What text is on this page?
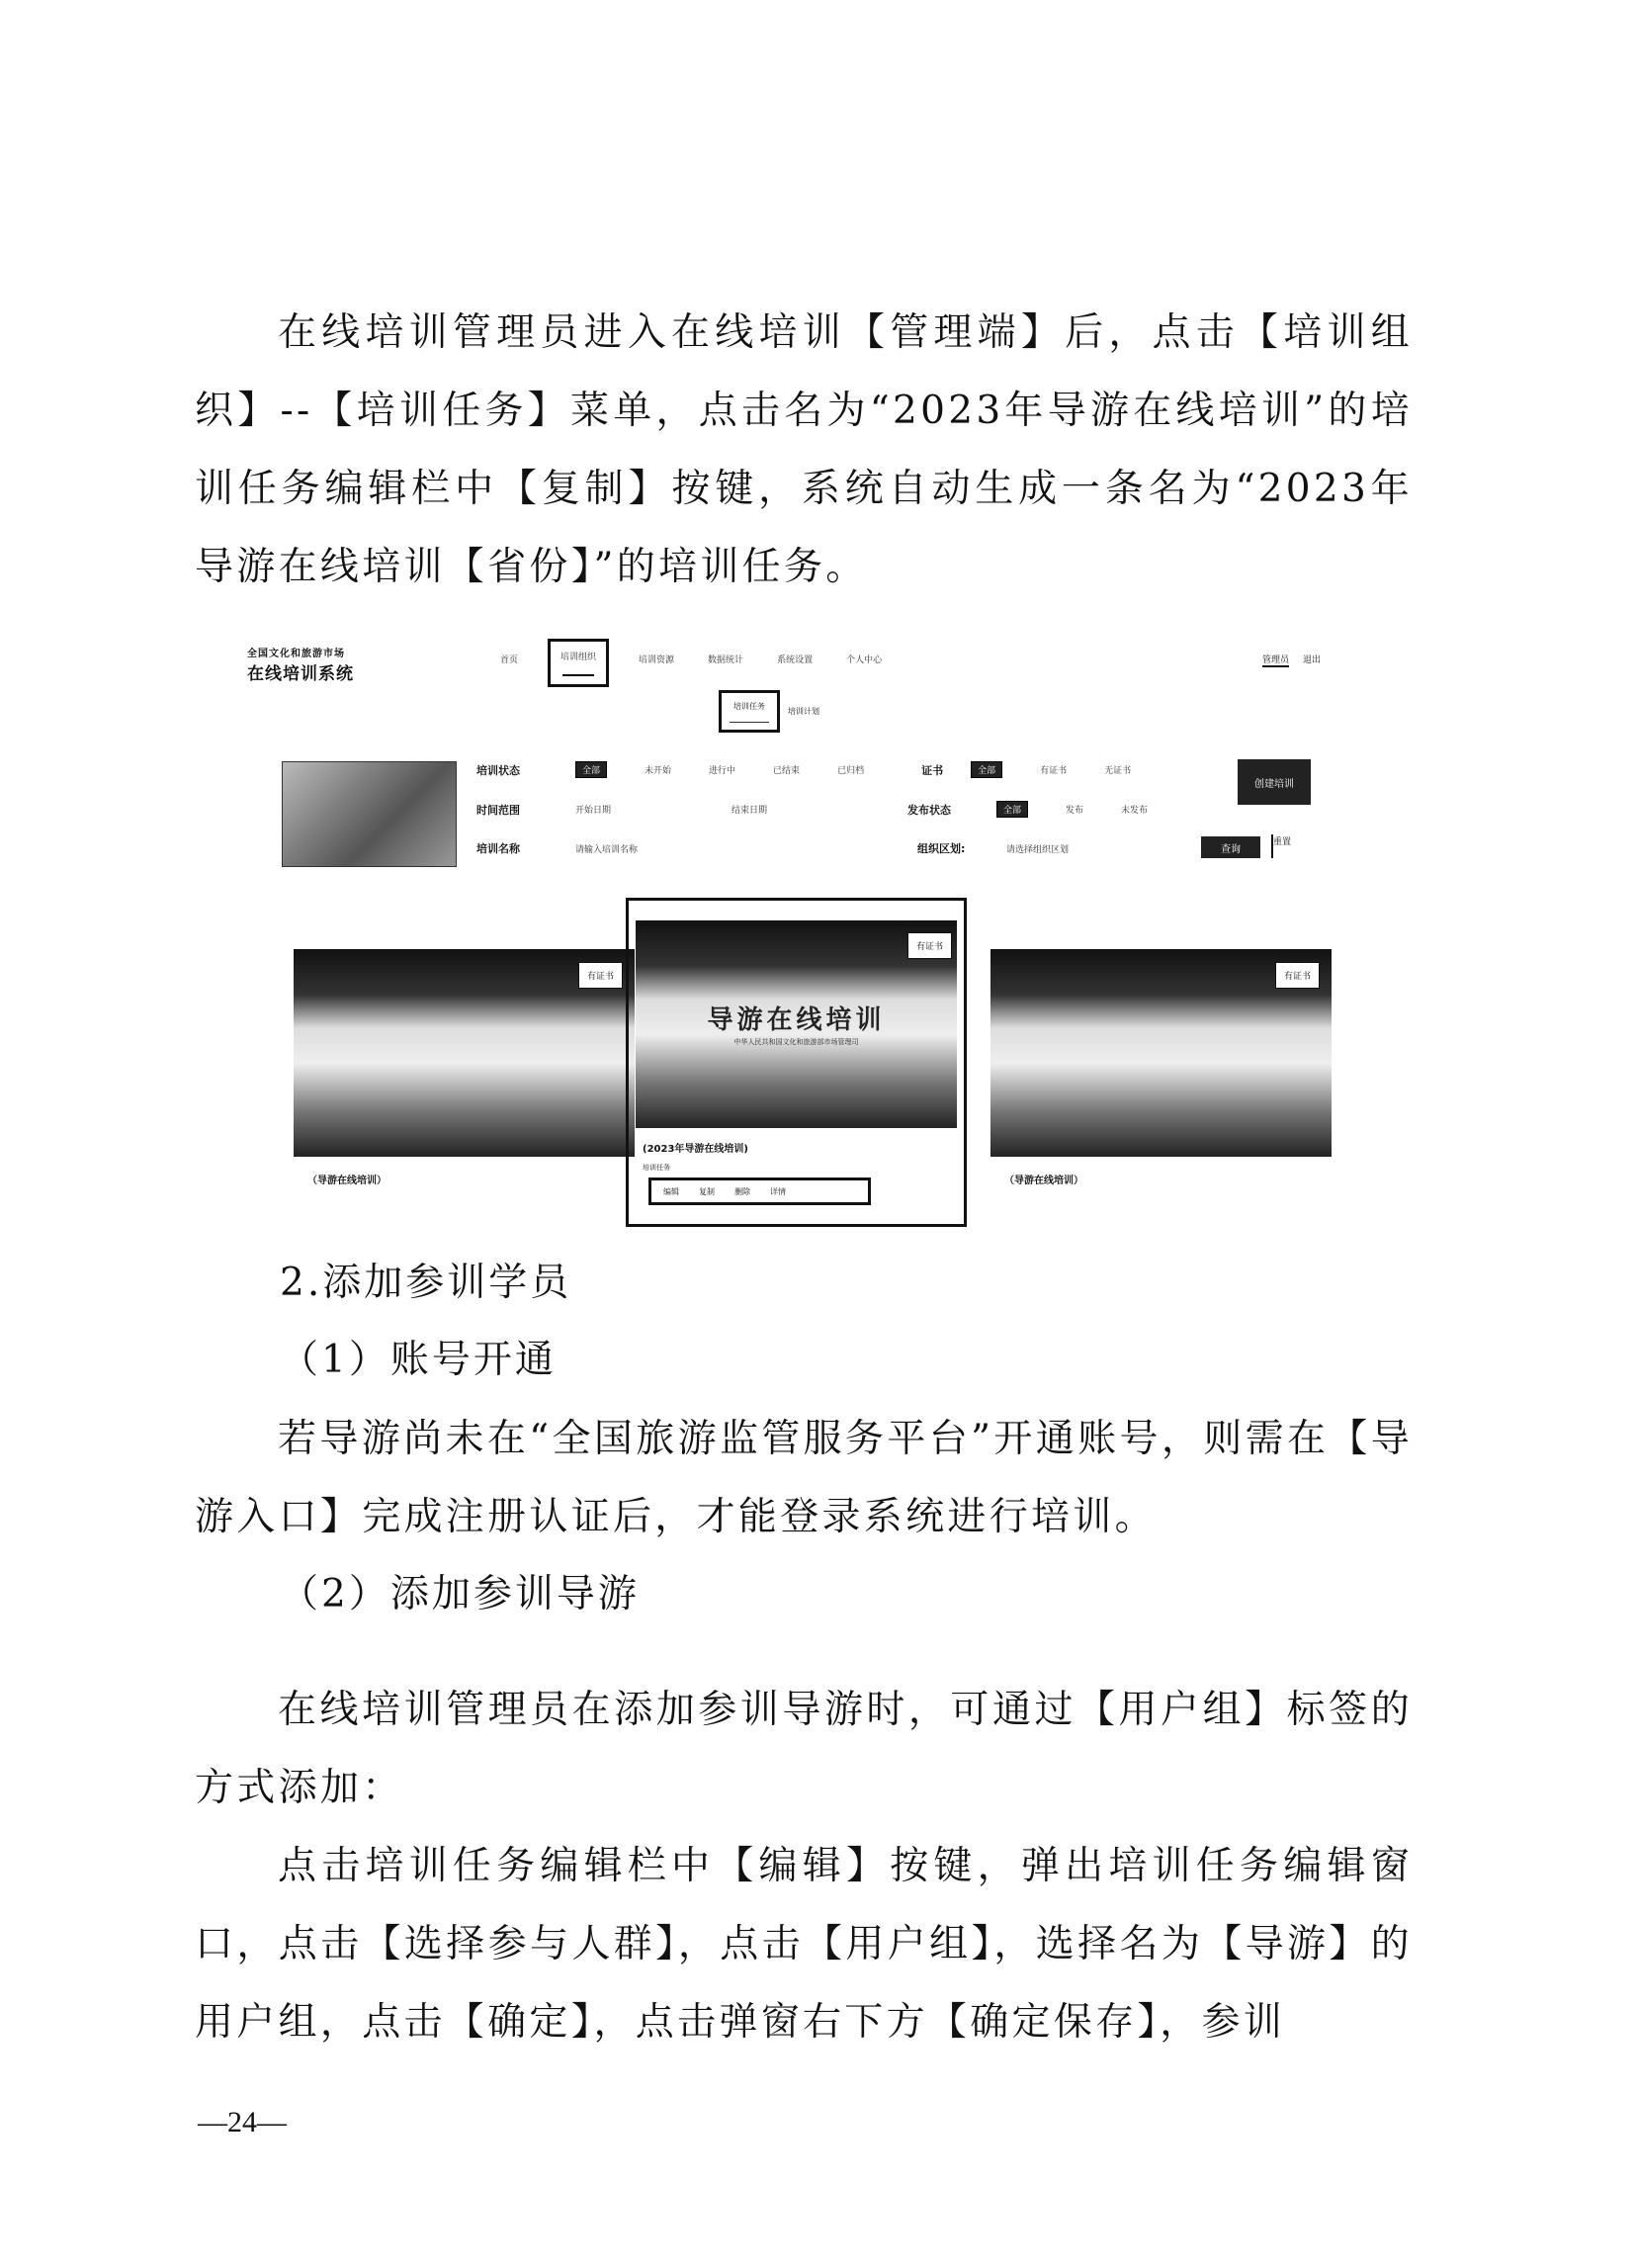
在线培训管理员进入在线培训【管理端】后，点击【培训组织】--【培训任务】菜单，点击名为“2023年导游在线培训”的培训任务编辑栏中【复制】按键，系统自动生成一条名为“2023年导游在线培训【省份】”的培训任务。

全国文化和旅游市场
在线培训系统
首页	培训组织	培训资源	数据统计	系统设置	个人中心
培训任务
培训计划
管理员 退出
培训状态	全部	未开始	进行中	已结束	已归档	证书	全部	有证书	无证书
时间范围	开始日期	结束日期	发布状态	全部	发布	未发布
培训名称	请输入培训名称	组织区划:	请选择组织区划
创建培训
查询
重置
有证书
（导游在线培训）
导游在线培训
中华人民共和国文化和旅游部市场管理司
有证书
(2023年导游在线培训)
培训任务
编辑	复制	删除	详情
有证书
（导游在线培训）
2.添加参训学员
（1）账号开通

若导游尚未在“全国旅游监管服务平台”开通账号，则需在【导游入口】完成注册认证后，才能登录系统进行培训。

（2）添加参训导游

在线培训管理员在添加参训导游时，可通过【用户组】标签的方式添加：

点击培训任务编辑栏中【编辑】按键，弹出培训任务编辑窗口，点击【选择参与人群】，点击【用户组】，选择名为【导游】的用户组，点击【确定】，点击弹窗右下方【确定保存】，参训

—24—
